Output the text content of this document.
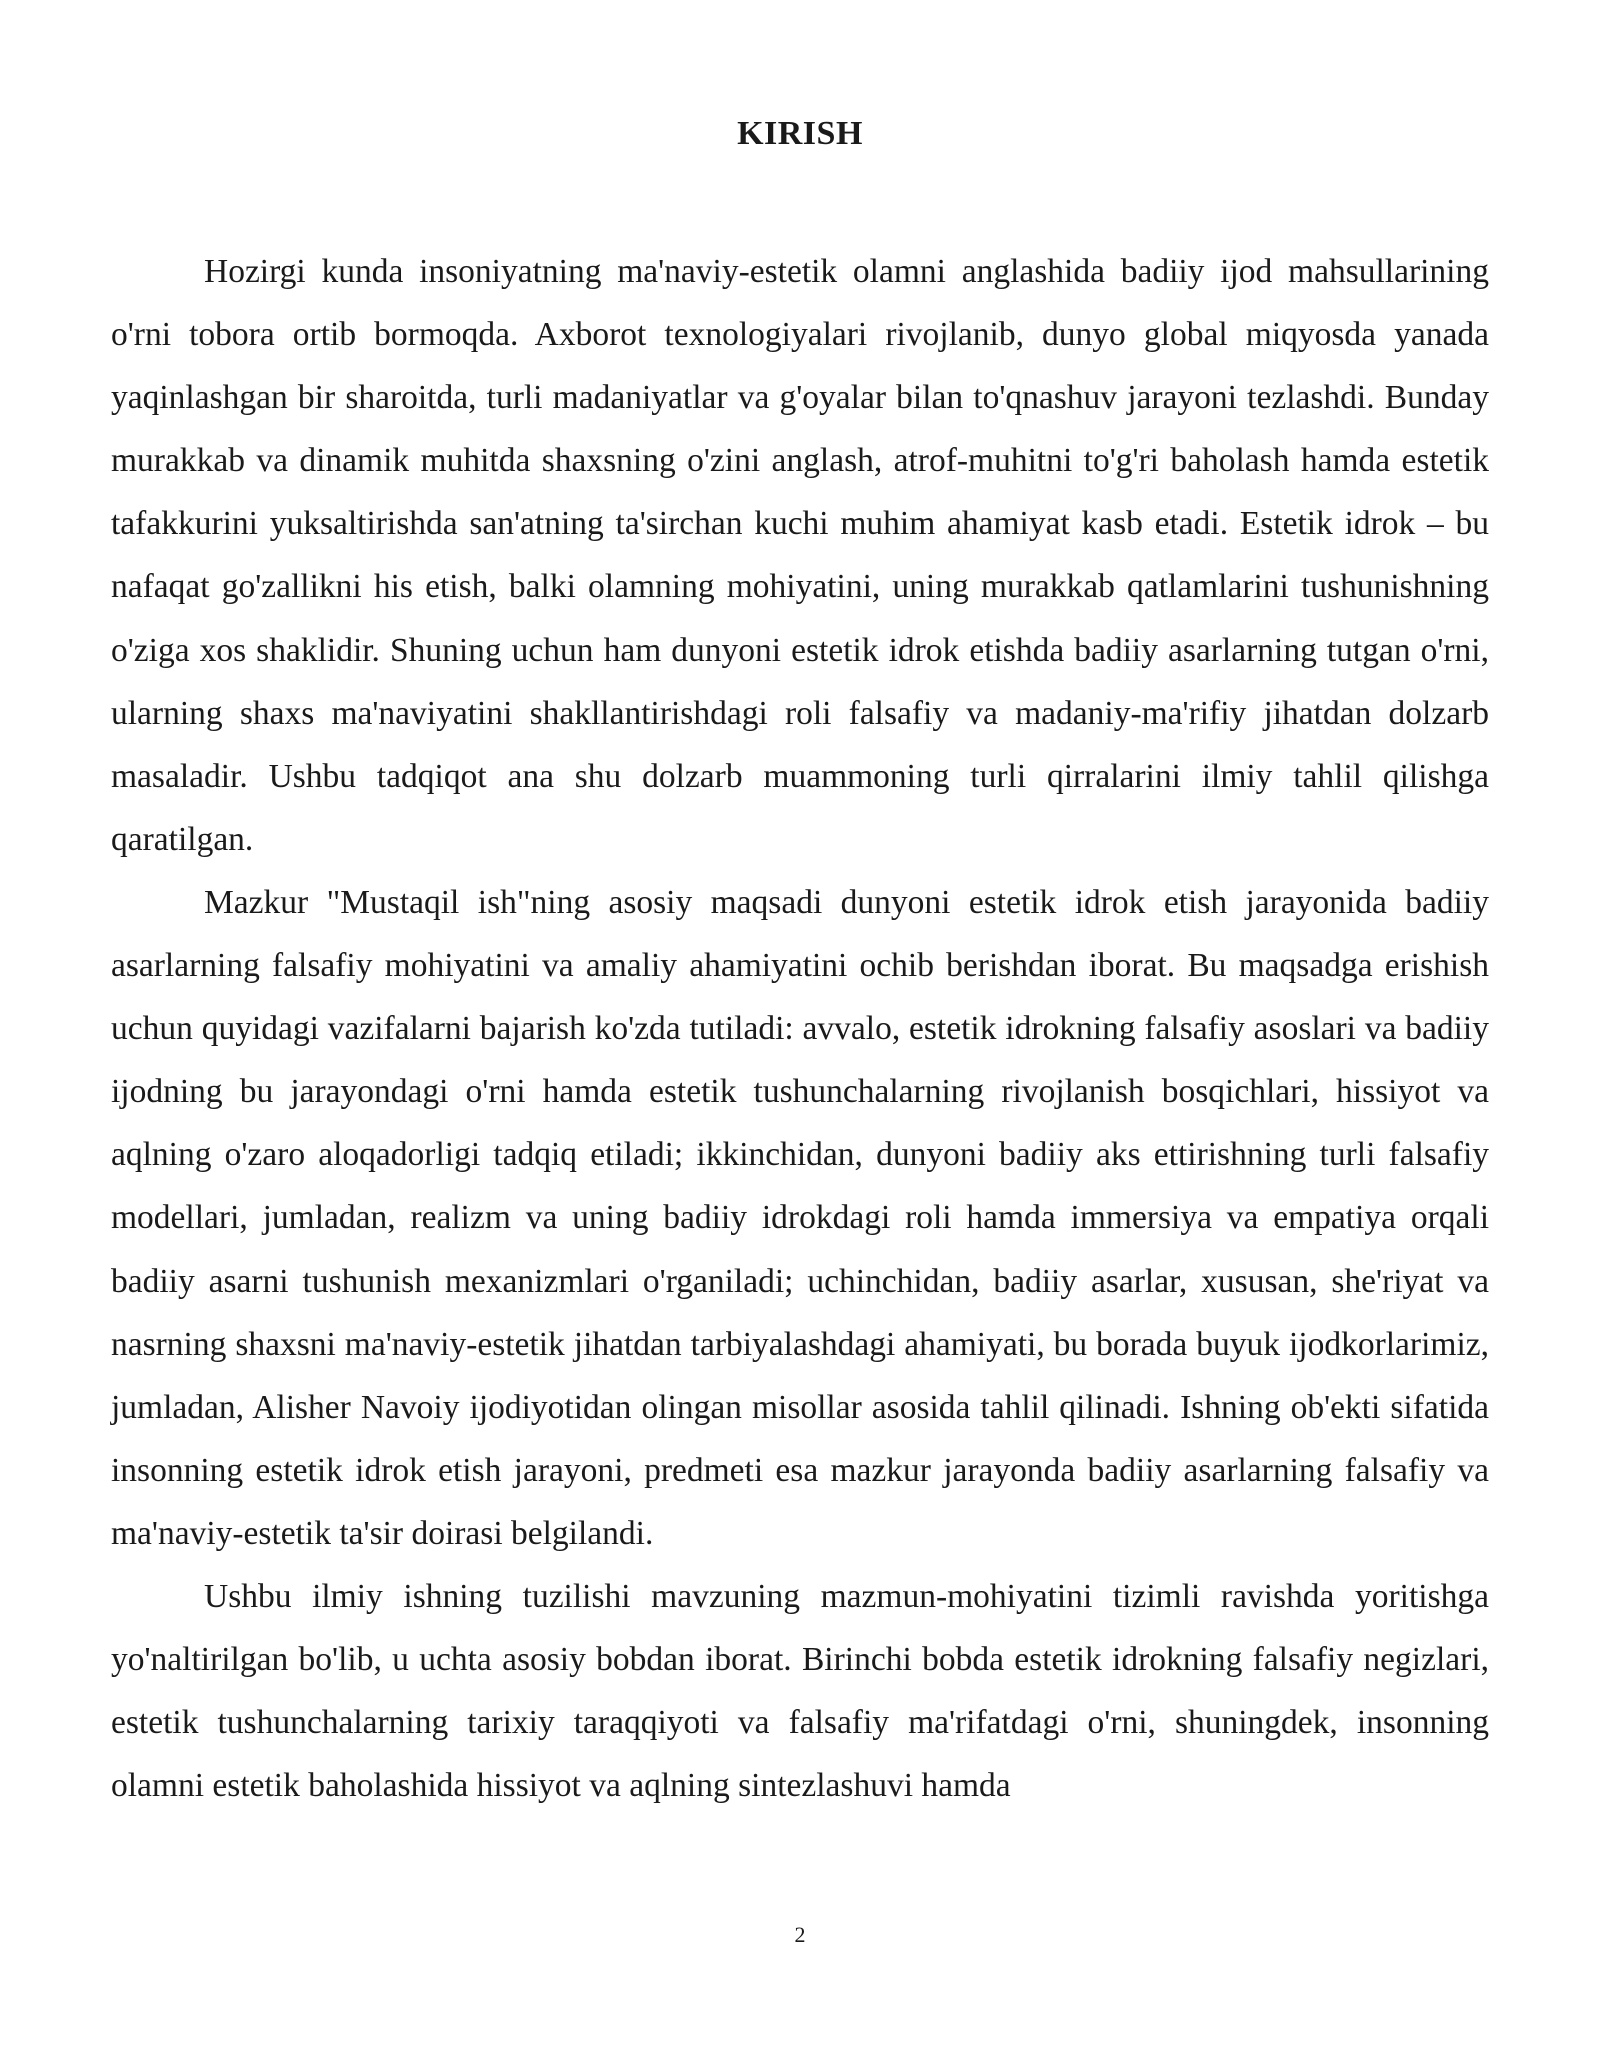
KIRISH

Hozirgi kunda insoniyatning ma'naviy-estetik olamni anglashida badiiy ijod mahsullarining o'rni tobora ortib bormoqda. Axborot texnologiyalari rivojlanib, dunyo global miqyosda yanada yaqinlashgan bir sharoitda, turli madaniyatlar va g'oyalar bilan to'qnashuv jarayoni tezlashdi. Bunday murakkab va dinamik muhitda shaxsning o'zini anglash, atrof-muhitni to'g'ri baholash hamda estetik tafakkurini yuksaltirishda san'atning ta'sirchan kuchi muhim ahamiyat kasb etadi. Estetik idrok – bu nafaqat go'zallikni his etish, balki olamning mohiyatini, uning murakkab qatlamlarini tushunishning o'ziga xos shaklidir. Shuning uchun ham dunyoni estetik idrok etishda badiiy asarlarning tutgan o'rni, ularning shaxs ma'naviyatini shakllantirishdagi roli falsafiy va madaniy-ma'rifiy jihatdan dolzarb masaladir. Ushbu tadqiqot ana shu dolzarb muammoning turli qirralarini ilmiy tahlil qilishga qaratilgan.

Mazkur "Mustaqil ish"ning asosiy maqsadi dunyoni estetik idrok etish jarayonida badiiy asarlarning falsafiy mohiyatini va amaliy ahamiyatini ochib berishdan iborat. Bu maqsadga erishish uchun quyidagi vazifalarni bajarish ko'zda tutiladi: avvalo, estetik idrokning falsafiy asoslari va badiiy ijodning bu jarayondagi o'rni hamda estetik tushunchalarning rivojlanish bosqichlari, hissiyot va aqlning o'zaro aloqadorligi tadqiq etiladi; ikkinchidan, dunyoni badiiy aks ettirishning turli falsafiy modellari, jumladan, realizm va uning badiiy idrokdagi roli hamda immersiya va empatiya orqali badiiy asarni tushunish mexanizmlari o'rganiladi; uchinchidan, badiiy asarlar, xususan, she'riyat va nasrning shaxsni ma'naviy-estetik jihatdan tarbiyalashdagi ahamiyati, bu borada buyuk ijodkorlarimiz, jumladan, Alisher Navoiy ijodiyotidan olingan misollar asosida tahlil qilinadi. Ishning ob'ekti sifatida insonning estetik idrok etish jarayoni, predmeti esa mazkur jarayonda badiiy asarlarning falsafiy va ma'naviy-estetik ta'sir doirasi belgilandi.

Ushbu ilmiy ishning tuzilishi mavzuning mazmun-mohiyatini tizimli ravishda yoritishga yo'naltirilgan bo'lib, u uchta asosiy bobdan iborat. Birinchi bobda estetik idrokning falsafiy negizlari, estetik tushunchalarning tarixiy taraqqiyoti va falsafiy ma'rifatdagi o'rni, shuningdek, insonning olamni estetik baholashida hissiyot va aqlning sintezlashuvi hamda

2
